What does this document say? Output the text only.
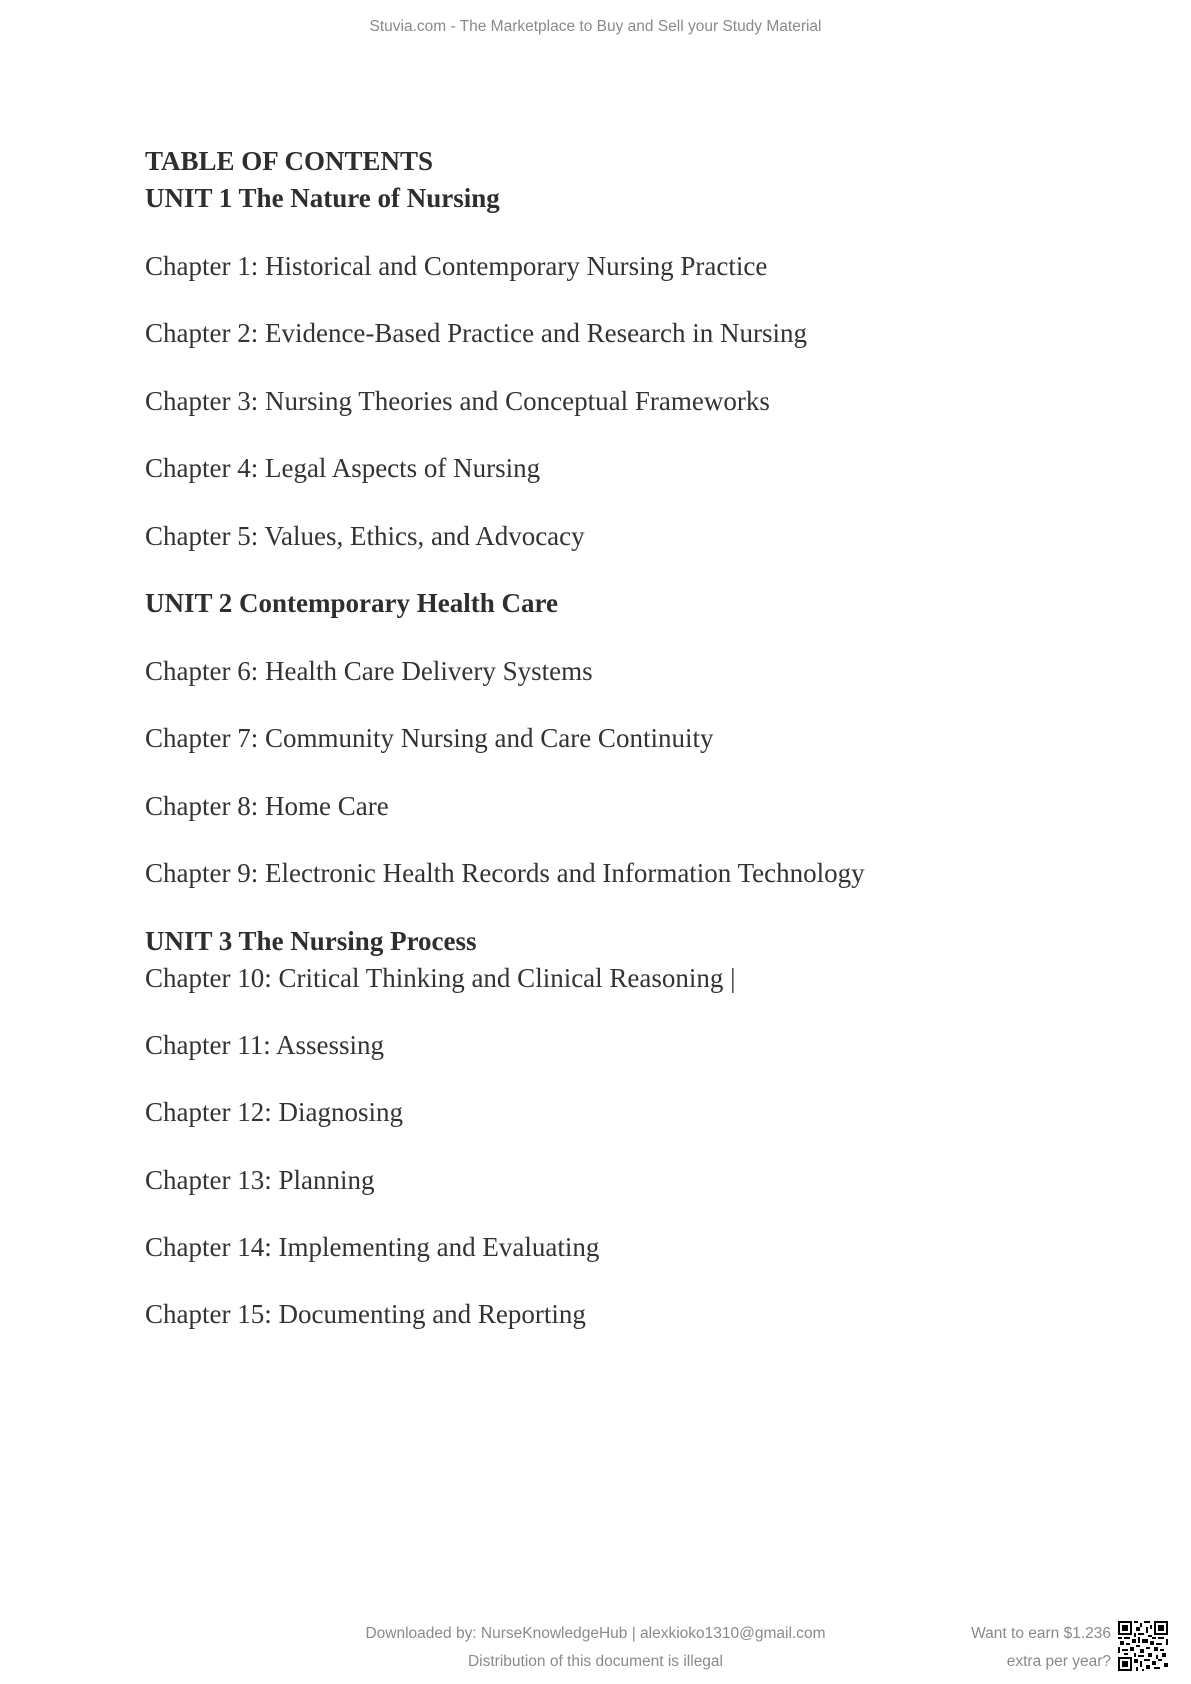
Stuvia.com - The Marketplace to Buy and Sell your Study Material
TABLE OF CONTENTS
UNIT 1 The Nature of Nursing
Chapter 1: Historical and Contemporary Nursing Practice
Chapter 2: Evidence-Based Practice and Research in Nursing
Chapter 3: Nursing Theories and Conceptual Frameworks
Chapter 4: Legal Aspects of Nursing
Chapter 5: Values, Ethics, and Advocacy
UNIT 2 Contemporary Health Care
Chapter 6: Health Care Delivery Systems
Chapter 7: Community Nursing and Care Continuity
Chapter 8: Home Care
Chapter 9: Electronic Health Records and Information Technology
UNIT 3 The Nursing Process
Chapter 10: Critical Thinking and Clinical Reasoning |
Chapter 11: Assessing
Chapter 12: Diagnosing
Chapter 13: Planning
Chapter 14: Implementing and Evaluating
Chapter 15: Documenting and Reporting
Downloaded by: NurseKnowledgeHub | alexkioko1310@gmail.com
Distribution of this document is illegal
Want to earn $1.236
extra per year?
